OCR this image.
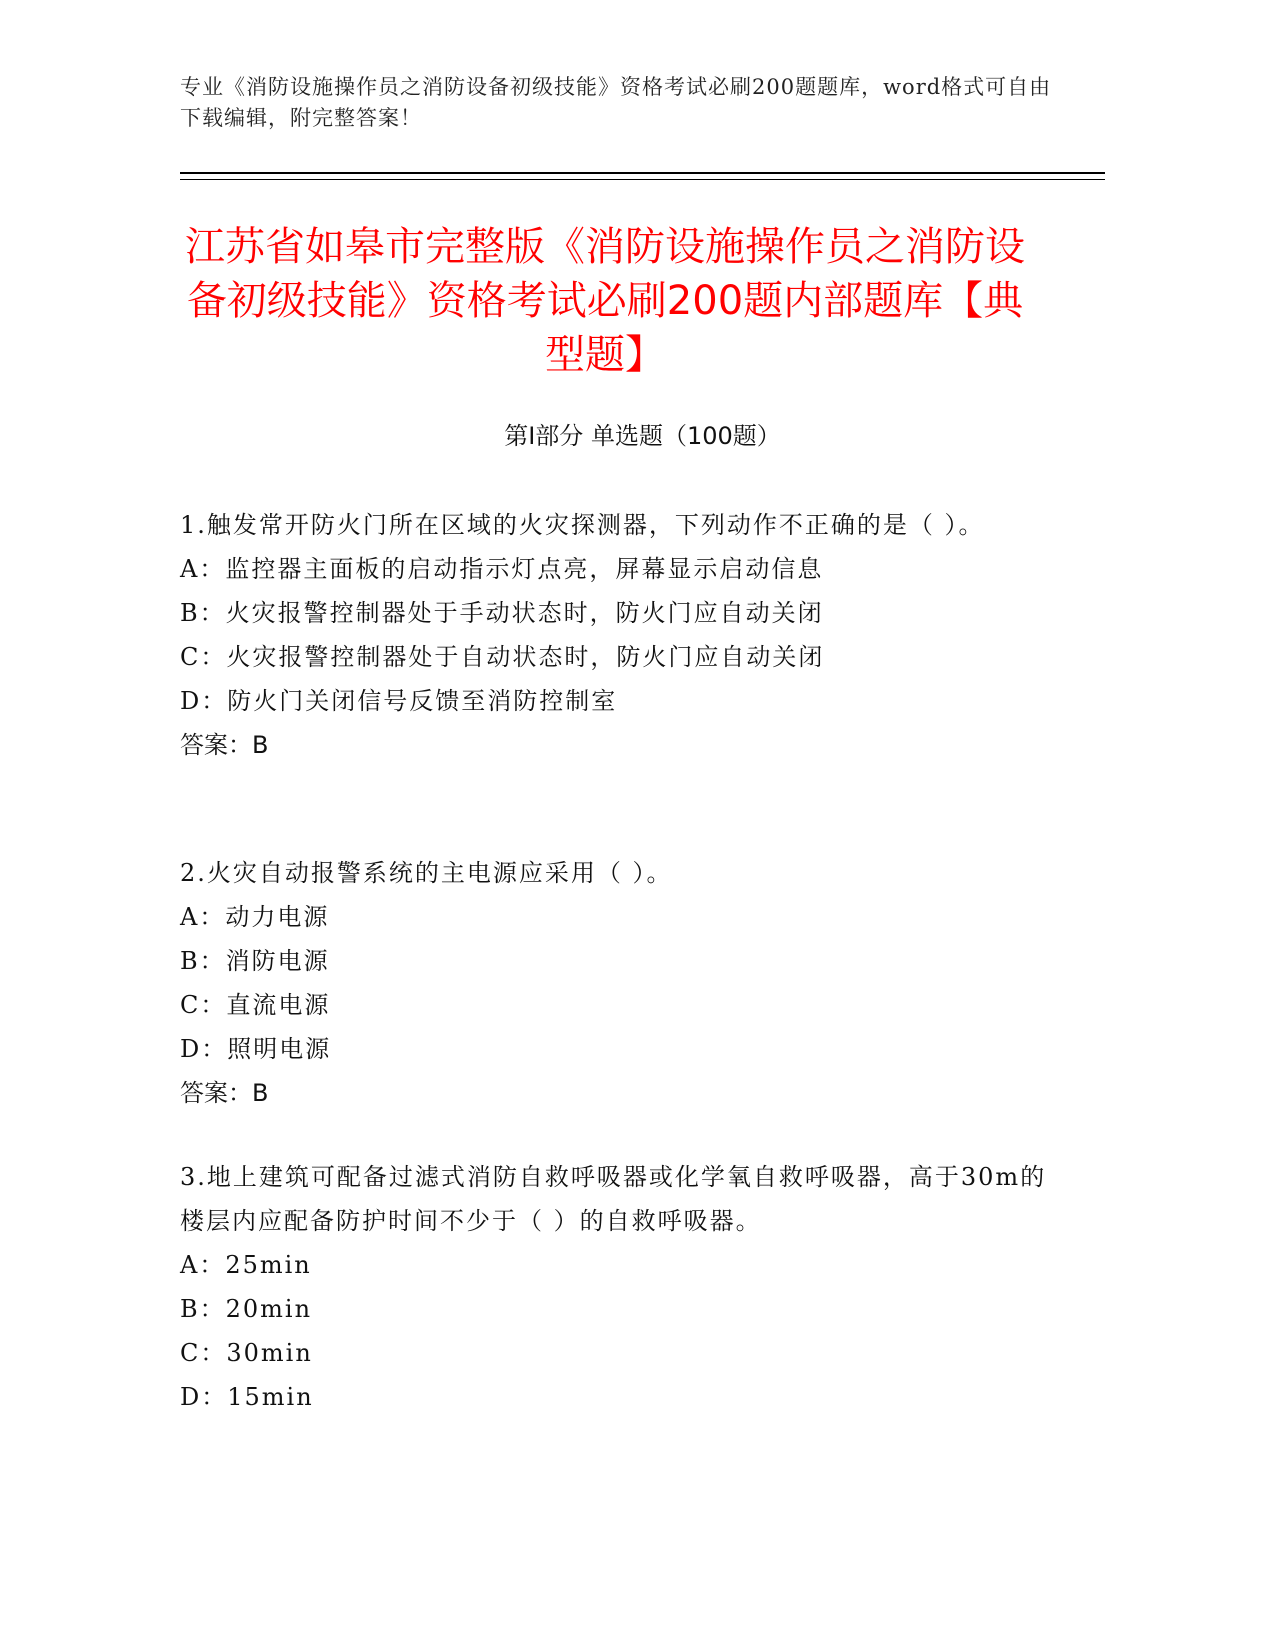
专业《消防设施操作员之消防设备初级技能》资格考试必刷200题题库，word格式可自由下载编辑，附完整答案！
江苏省如皋市完整版《消防设施操作员之消防设备初级技能》资格考试必刷200题内部题库【典型题】
第Ⅰ部分 单选题（100题）

1.触发常开防火门所在区域的火灾探测器，下列动作不正确的是（ ）。

A：监控器主面板的启动指示灯点亮，屏幕显示启动信息

B：火灾报警控制器处于手动状态时，防火门应自动关闭

C：火灾报警控制器处于自动状态时，防火门应自动关闭

D：防火门关闭信号反馈至消防控制室

答案：B

2.火灾自动报警系统的主电源应采用（ ）。

A：动力电源

B：消防电源

C：直流电源

D：照明电源

答案：B

3.地上建筑可配备过滤式消防自救呼吸器或化学氧自救呼吸器，高于30m的楼层内应配备防护时间不少于（ ）的自救呼吸器。

A：25min

B：20min

C：30min

D：15min
